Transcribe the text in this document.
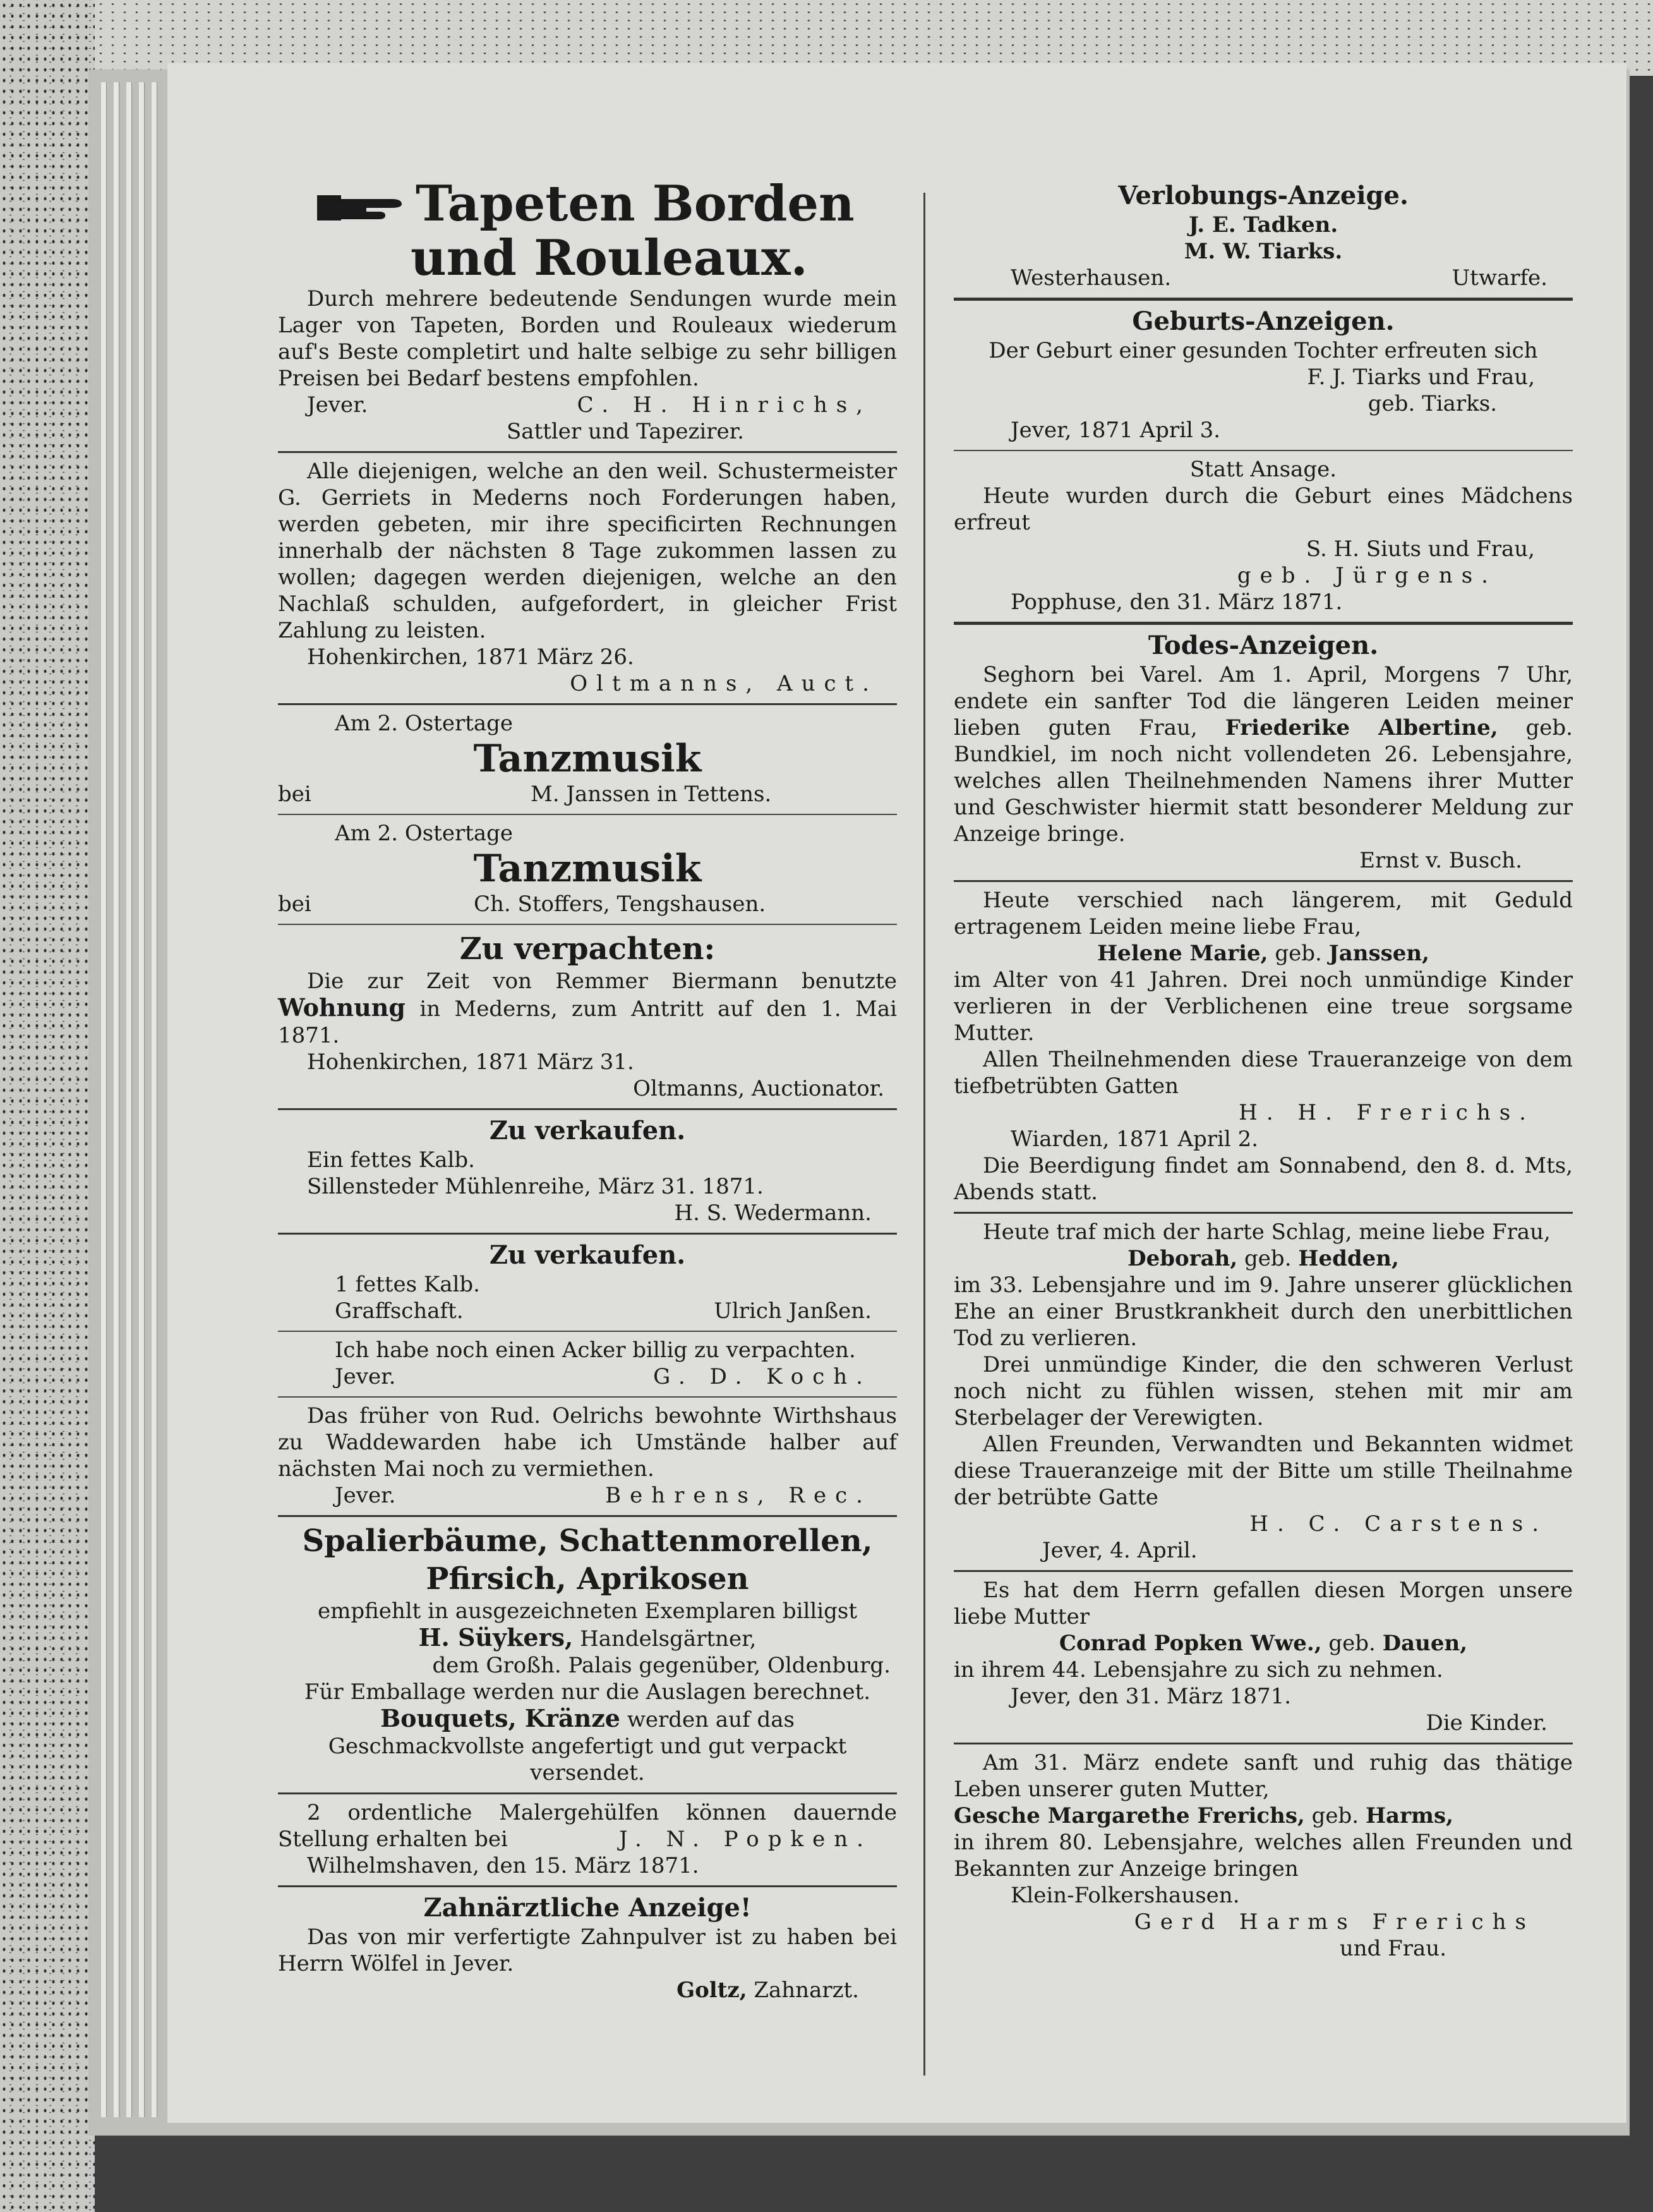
Tapeten Borden

und Rouleaux.

Durch mehrere bedeutende Sendungen wurde mein Lager von Tapeten, Borden und Rouleaux wiederum auf's Beste completirt und halte selbige zu sehr billigen Preisen bei Bedarf bestens empfohlen.

Jever.	C. H. Hinrichs,

Sattler und Tapezirer.

Alle diejenigen, welche an den weil. Schustermeister G. Gerriets in Mederns noch Forderungen haben, werden gebeten, mir ihre specificirten Rechnungen innerhalb der nächsten 8 Tage zukommen lassen zu wollen; dagegen werden diejenigen, welche an den Nachlaß schulden, aufgefordert, in gleicher Frist Zahlung zu leisten.

Hohenkirchen, 1871 März 26.

Oltmanns, Auct.

Am 2. Ostertage

Tanzmusik

bei	M. Janssen in Tettens.

Am 2. Ostertage

Tanzmusik

bei	Ch. Stoffers, Tengshausen.

Zu verpachten:

Die zur Zeit von Remmer Biermann benutzte Wohnung in Mederns, zum Antritt auf den 1. Mai 1871.

Hohenkirchen, 1871 März 31.

Oltmanns, Auctionator.

Zu verkaufen.

Ein fettes Kalb.

Sillensteder Mühlenreihe, März 31. 1871.

H. S. Wedermann.

Zu verkaufen.

1 fettes Kalb.

Graffschaft.	Ulrich Janßen.

Ich habe noch einen Acker billig zu verpachten.

Jever.	G. D. Koch.

Das früher von Rud. Oelrichs bewohnte Wirthshaus zu Waddewarden habe ich Umstände halber auf nächsten Mai noch zu vermiethen.

Jever.	Behrens, Rec.

Spalierbäume, Schattenmorellen,

Pfirsich, Aprikosen

empfiehlt in ausgezeichneten Exemplaren billigst

H. Süykers, Handelsgärtner,

dem Großh. Palais gegenüber, Oldenburg.

Für Emballage werden nur die Auslagen berechnet.

Bouquets, Kränze werden auf das

Geschmackvollste angefertigt und gut verpackt versendet.

2 ordentliche Malergehülfen können dauernde Stellung erhalten bei	J. N. Popken.

Wilhelmshaven, den 15. März 1871.

Zahnärztliche Anzeige!

Das von mir verfertigte Zahnpulver ist zu haben bei Herrn Wölfel in Jever.

Goltz, Zahnarzt.

Verlobungs-Anzeige.

J. E. Tadken.

M. W. Tiarks.

Westerhausen.	Utwarfe.

Geburts-Anzeigen.

Der Geburt einer gesunden Tochter erfreuten sich

F. J. Tiarks und Frau,

geb. Tiarks.

Jever, 1871 April 3.

Statt Ansage.

Heute wurden durch die Geburt eines Mädchens erfreut

S. H. Siuts und Frau,

geb. Jürgens.

Popphuse, den 31. März 1871.

Todes-Anzeigen.

Seghorn bei Varel. Am 1. April, Morgens 7 Uhr, endete ein sanfter Tod die längeren Leiden meiner lieben guten Frau, Friederike Albertine, geb. Bundkiel, im noch nicht vollendeten 26. Lebensjahre, welches allen Theilnehmenden Namens ihrer Mutter und Geschwister hiermit statt besonderer Meldung zur Anzeige bringe.

Ernst v. Busch.

Heute verschied nach längerem, mit Geduld ertragenem Leiden meine liebe Frau,

Helene Marie, geb. Janssen,

im Alter von 41 Jahren. Drei noch unmündige Kinder verlieren in der Verblichenen eine treue sorgsame Mutter.

Allen Theilnehmenden diese Traueranzeige von dem tiefbetrübten Gatten

H. H. Frerichs.

Wiarden, 1871 April 2.

Die Beerdigung findet am Sonnabend, den 8. d. Mts, Abends statt.

Heute traf mich der harte Schlag, meine liebe Frau,

Deborah, geb. Hedden,

im 33. Lebensjahre und im 9. Jahre unserer glücklichen Ehe an einer Brustkrankheit durch den unerbittlichen Tod zu verlieren.

Drei unmündige Kinder, die den schweren Verlust noch nicht zu fühlen wissen, stehen mit mir am Sterbelager der Verewigten.

Allen Freunden, Verwandten und Bekannten widmet diese Traueranzeige mit der Bitte um stille Theilnahme der betrübte Gatte

H. C. Carstens.

Jever, 4. April.

Es hat dem Herrn gefallen diesen Morgen unsere liebe Mutter

Conrad Popken Wwe., geb. Dauen,

in ihrem 44. Lebensjahre zu sich zu nehmen.

Jever, den 31. März 1871.

Die Kinder.

Am 31. März endete sanft und ruhig das thätige Leben unserer guten Mutter,

Gesche Margarethe Frerichs, geb. Harms,

in ihrem 80. Lebensjahre, welches allen Freunden und Bekannten zur Anzeige bringen

Klein-Folkershausen.

Gerd Harms Frerichs

und Frau.
